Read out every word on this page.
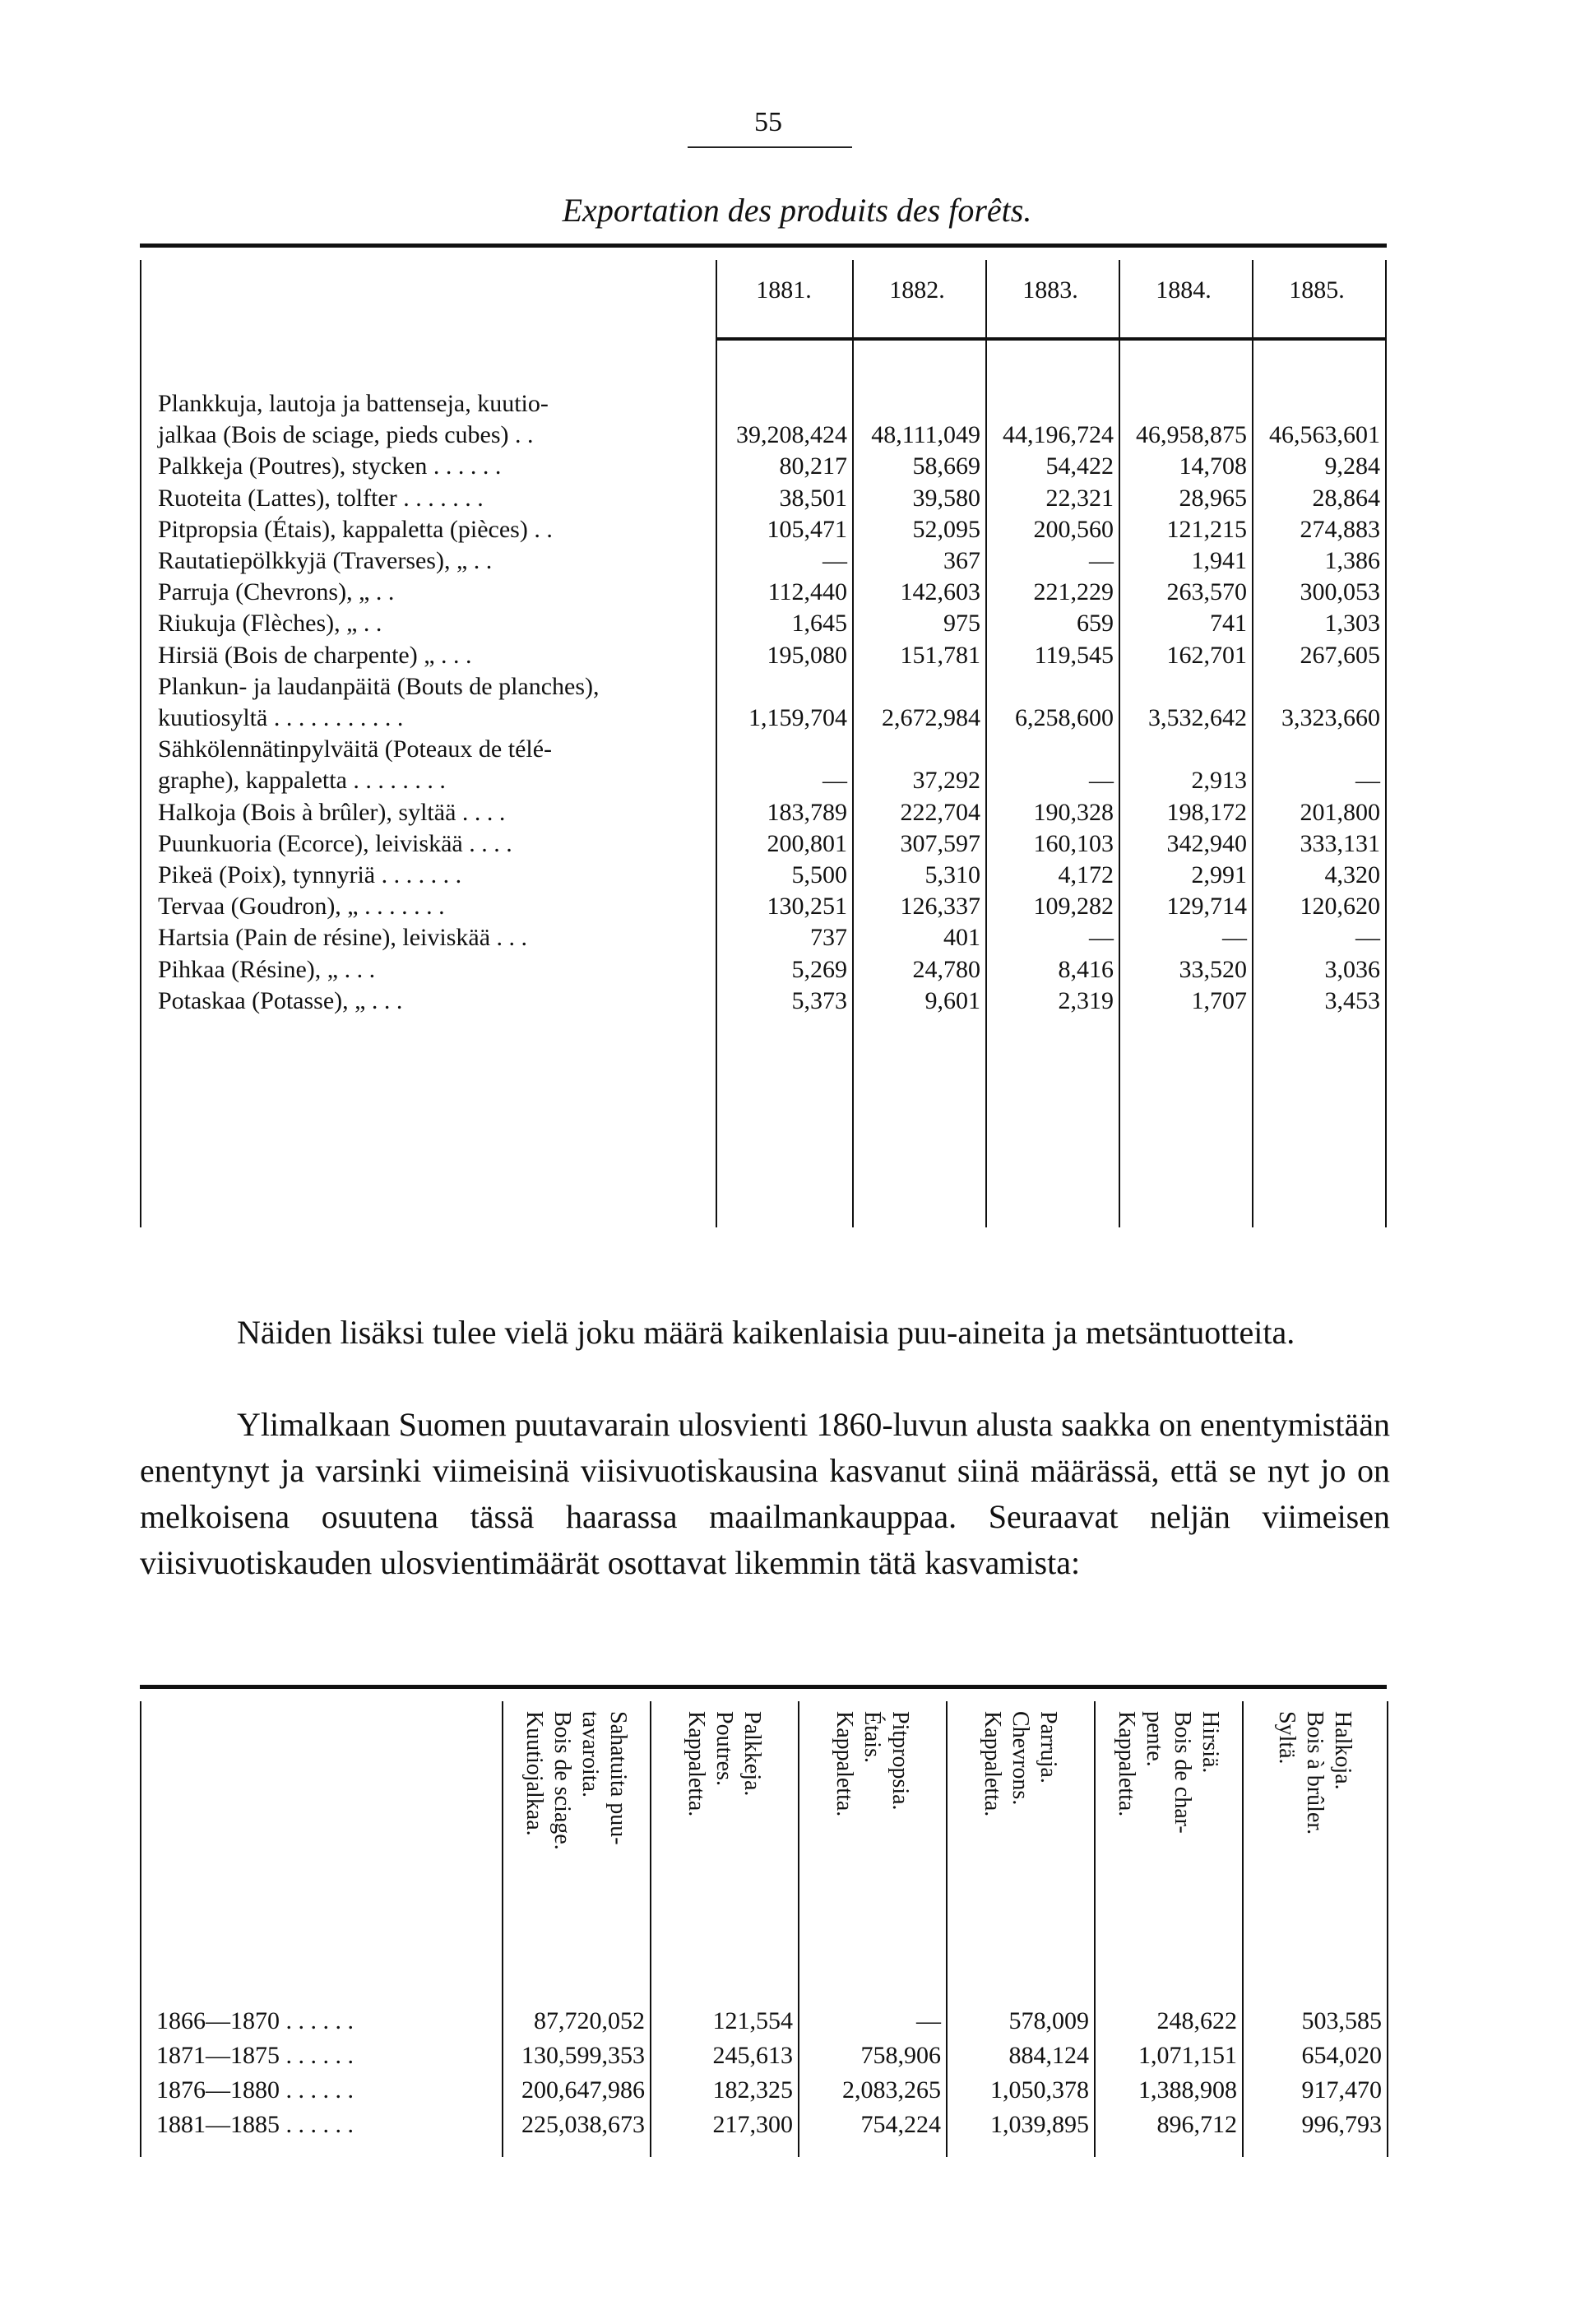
55
Exportation des produits des forêts.
1881.	1882.	1883.	1884.	1885.
Plankkuja, lautoja ja battenseja, kuutio-
jalkaa (Bois de sciage, pieds cubes) . .	39,208,424 48,111,049 44,196,724 46,958,875 46,563,601
Palkkeja (Poutres), stycken . . . . . .	80,217	58,669	54,422	14,708	9,284
Ruoteita (Lattes), tolfter . . . . . . .	38,501	39,580	22,321	28,965	28,864
Pitpropsia (Étais), kappaletta (pièces) . .	105,471	52,095	200,560	121,215	274,883
Rautatiepölkkyjä (Traverses), „ . .	—	367	—	1,941	1,386
Parruja (Chevrons), „ . .	112,440	142,603	221,229	263,570	300,053
Riukuja (Flèches), „ . .	1,645	975	659	741	1,303
Hirsiä (Bois de charpente) „ . . .	195,080	151,781	119,545	162,701	267,605
Plankun- ja laudanpäitä (Bouts de planches),
kuutiosyltä . . . . . . . . . . .	1,159,704	2,672,984	6,258,600	3,532,642	3,323,660
Sähkölennätinpylväitä (Poteaux de télé-
graphe), kappaletta . . . . . . . .	—	37,292	—	2,913	—
Halkoja (Bois à brûler), syltää . . . .	183,789	222,704	190,328	198,172	201,800
Puunkuoria (Ecorce), leiviskää . . . .	200,801	307,597	160,103	342,940	333,131
Pikeä (Poix), tynnyriä . . . . . . .	5,500	5,310	4,172	2,991	4,320
Tervaa (Goudron), „ . . . . . . .	130,251	126,337	109,282	129,714	120,620
Hartsia (Pain de résine), leiviskää . . .	737	401	—	—	—
Pihkaa (Résine), „ . . .	5,269	24,780	8,416	33,520	3,036
Potaskaa (Potasse), „ . . .	5,373	9,601	2,319	1,707	3,453
Näiden lisäksi tulee vielä joku määrä kaikenlaisia puu-aineita ja metsäntuotteita.
Ylimalkaan Suomen puutavarain ulosvienti 1860-luvun alusta saakka on enentymistään enentynyt ja varsinki viimeisinä viisivuotiskausina kasvanut siinä määrässä, että se nyt jo on melkoisena osuutena tässä haarassa maailmankauppaa. Seuraavat neljän viimeisen viisivuotiskauden ulosvientimäärät osottavat likemmin tätä kasvamista:
Sahatuita puu-
tavaroita.
Bois de sciage.
Kuutiojalkaa.	Palkkeja.
Poutres.
Kappaletta.	Pitpropsia.
Étais.
Kappaletta.	Parruja.
Chevrons.
Kappaletta.	Hirsiä.
Bois de char-
pente.
Kappaletta.	Halkoja.
Bois à brûler.
Syltä.
1866—1870 . . . . . .	87,720,052	121,554	—	578,009	248,622	503,585
1871—1875 . . . . . .	130,599,353	245,613	758,906	884,124	1,071,151	654,020
1876—1880 . . . . . .	200,647,986	182,325	2,083,265	1,050,378	1,388,908	917,470
1881—1885 . . . . . .	225,038,673	217,300	754,224	1,039,895	896,712	996,793
